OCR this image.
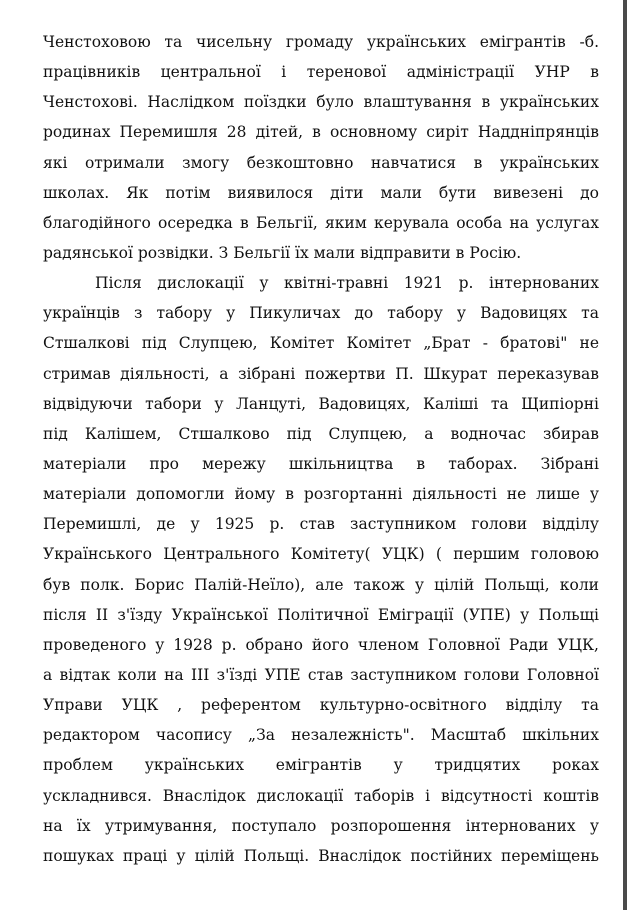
Ченстоховою та чисельну громаду українських емігрантів -б.
працівників центральної і теренової адміністрації УНР в
Ченстохові. Наслідком поїздки було влаштування в українських
родинах Перемишля 28 дітей, в основному сиріт Наддніпрянців
які отримали змогу безкоштовно навчатися в українських
школах. Як потім виявилося діти мали бути вивезені до
благодійного осередка в Бельгії, яким керувала особа на услугах
радянської розвідки. З Бельгії їх мали відправити в Росію.
Після дислокації у квітні-травні 1921 р. інтернованих
українців з табору у Пикуличах до табору у Вадовицях та
Стшалкові під Слупцею, Комітет Комітет „Брат - братові" не
стримав діяльності, а зібрані пожертви П. Шкурат переказував
відвідуючи табори у Ланцуті, Вадовицях, Каліші та Щипіорні
під Калішем, Стшалково під Слупцею, а водночас збирав
матеріали про мережу шкільництва в таборах. Зібрані
матеріали допомогли йому в розгортанні діяльності не лише у
Перемишлі, де у 1925 р. став заступником голови відділу
Українського Центрального Комітету( УЦК) ( першим головою
був полк. Борис Палій-Неїло), але також у цілій Польщі, коли
після ІІ з'їзду Української Політичної Еміграції (УПЕ) у Польщі
проведеного у 1928 р. обрано його членом Головної Ради УЦК,
а відтак коли на ІІІ з'їзді УПЕ став заступником голови Головної
Управи УЦК , референтом культурно-освітного відділу та
редактором часопису „За незалежність". Масштаб шкільних
проблем українських емігрантів у тридцятих роках
ускладнився. Внаслідок дислокації таборів і відсутності коштів
на їх утримування, поступало розпорошення інтернованих у
пошуках праці у цілій Польщі. Внаслідок постійних переміщень
